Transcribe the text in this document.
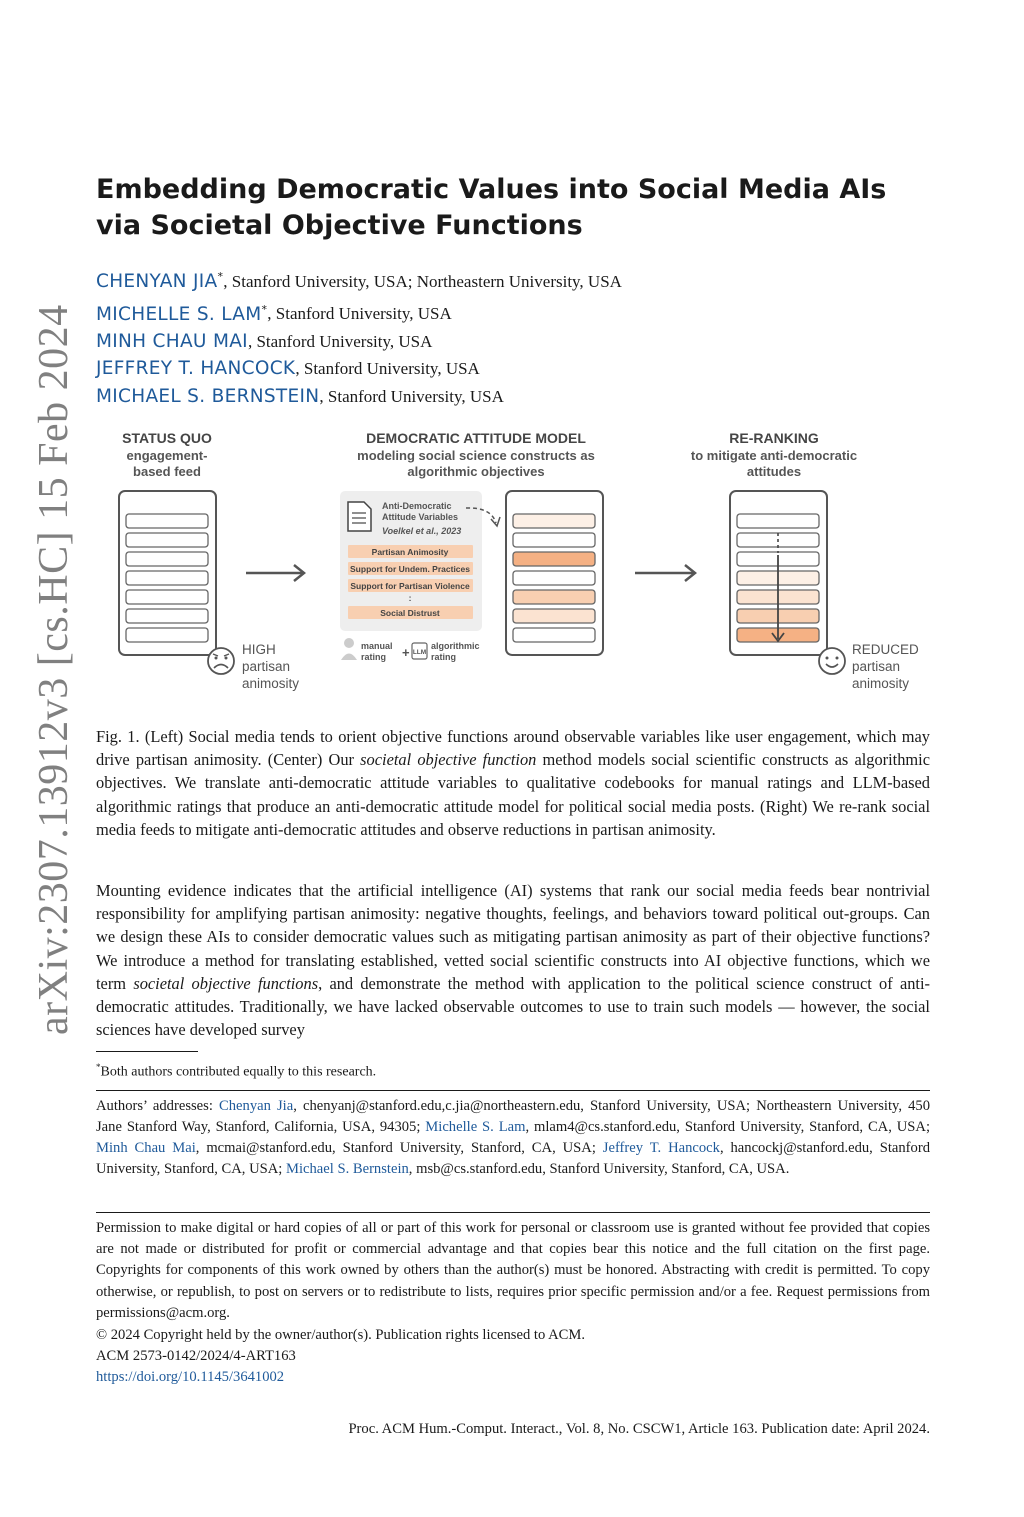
arXiv:2307.13912v3 [cs.HC] 15 Feb 2024
Embedding Democratic Values into Social Media AIs via Societal Objective Functions
CHENYAN JIA*, Stanford University, USA; Northeastern University, USA
MICHELLE S. LAM*, Stanford University, USA
MINH CHAU MAI, Stanford University, USA
JEFFREY T. HANCOCK, Stanford University, USA
MICHAEL S. BERNSTEIN, Stanford University, USA
STATUS QUO
engagement-
based feed
HIGH
partisan
animosity
DEMOCRATIC ATTITUDE MODEL
modeling social science constructs as
algorithmic objectives
Anti-Democratic
Attitude Variables
Voelkel et al., 2023
Partisan Animosity
Support for Undem. Practices
Support for Partisan Violence
:
Social Distrust
manual
rating + LLM
algorithmic
rating
RE-RANKING
to mitigate anti-democratic
attitudes
REDUCED
partisan
animosity

Fig. 1. (Left) Social media tends to orient objective functions around observable variables like user engagement, which may drive partisan animosity. (Center) Our societal objective function method models social scientific constructs as algorithmic objectives. We translate anti-democratic attitude variables to qualitative codebooks for manual ratings and LLM-based algorithmic ratings that produce an anti-democratic attitude model for political social media posts. (Right) We re-rank social media feeds to mitigate anti-democratic attitudes and observe reductions in partisan animosity.

Mounting evidence indicates that the artificial intelligence (AI) systems that rank our social media feeds bear nontrivial responsibility for amplifying partisan animosity: negative thoughts, feelings, and behaviors toward political out-groups. Can we design these AIs to consider democratic values such as mitigating partisan animosity as part of their objective functions? We introduce a method for translating established, vetted social scientific constructs into AI objective functions, which we term societal objective functions, and demonstrate the method with application to the political science construct of anti-democratic attitudes. Traditionally, we have lacked observable outcomes to use to train such models — however, the social sciences have developed survey

*Both authors contributed equally to this research.

Authors’ addresses: Chenyan Jia, chenyanj@stanford.edu,c.jia@northeastern.edu, Stanford University, USA; Northeastern University, 450 Jane Stanford Way, Stanford, California, USA, 94305; Michelle S. Lam, mlam4@cs.stanford.edu, Stanford University, Stanford, CA, USA; Minh Chau Mai, mcmai@stanford.edu, Stanford University, Stanford, CA, USA; Jeffrey T. Hancock, hancockj@stanford.edu, Stanford University, Stanford, CA, USA; Michael S. Bernstein, msb@cs.stanford.edu, Stanford University, Stanford, CA, USA.

Permission to make digital or hard copies of all or part of this work for personal or classroom use is granted without fee provided that copies are not made or distributed for profit or commercial advantage and that copies bear this notice and the full citation on the first page. Copyrights for components of this work owned by others than the author(s) must be honored. Abstracting with credit is permitted. To copy otherwise, or republish, to post on servers or to redistribute to lists, requires prior specific permission and/or a fee. Request permissions from permissions@acm.org.

© 2024 Copyright held by the owner/author(s). Publication rights licensed to ACM.
ACM 2573-0142/2024/4-ART163
https://doi.org/10.1145/3641002
Proc. ACM Hum.-Comput. Interact., Vol. 8, No. CSCW1, Article 163. Publication date: April 2024.
